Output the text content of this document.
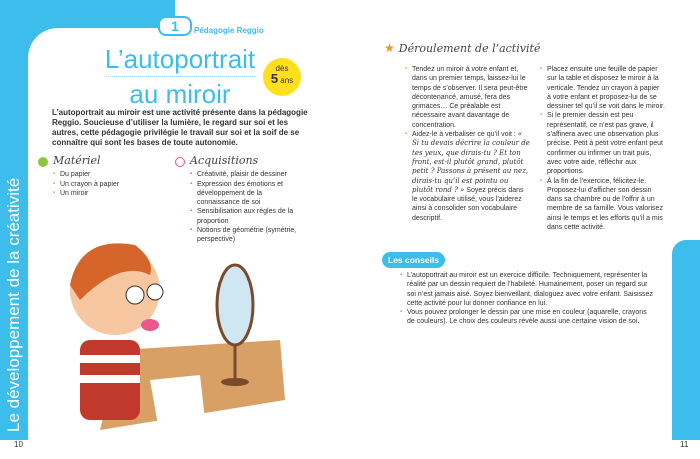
Le développement de la créativité
1	Pédagogie Reggio
L’autoportrait
au miroir
dès
5 ans

L’autoportrait au miroir est une activité présente dans la pédagogie Reggio. Soucieuse d’utiliser la lumière, le regard sur soi et les autres, cette pédagogie privilégie le travail sur soi et la soif de se connaître qui sont les bases de toute autonomie.

Matériel
▪ Du papier
▪ Un crayon à papier
▪ Un miroir
Acquisitions
▪ Créativité, plaisir de dessiner
▪ Expression des émotions et développement de la connaissance de soi
▪ Sensibilisation aux règles de la proportion
▪ Notions de géométrie (symétrie, perspective)
★ Déroulement de l’activité
▪ Tendez un miroir à votre enfant et, dans un premier temps, laissez-lui le temps de s’observer. Il sera peut-être décontenancé, amusé, fera des grimaces… Ce préalable est nécessaire avant davantage de concentration.
▪ Aidez-le à verbaliser ce qu’il voit : « Si tu devais décrire la couleur de tes yeux, que dirais-tu ? Et ton front, est-il plutôt grand, plutôt petit ? Passons à présent au nez, dirais-tu qu’il est pointu ou plutôt rond ? » Soyez précis dans le vocabulaire utilisé, vous l’aiderez ainsi à consolider son vocabulaire descriptif.
▪ Placez ensuite une feuille de papier sur la table et disposez le miroir à la verticale. Tendez un crayon à papier à votre enfant et proposez-lui de se dessiner tel qu’il se voit dans le miroir.
▪ Si le premier dessin est peu représentatif, ce n’est pas grave, il s’affinera avec une observation plus précise. Petit à petit votre enfant peut confirmer ou infirmer un trait puis, avec votre aide, réfléchir aux proportions.
▪ À la fin de l’exercice, félicitez-le. Proposez-lui d’afficher son dessin dans sa chambre ou de l’offrir à un membre de sa famille. Vous valorisez ainsi le temps et les efforts qu’il a mis dans cette activité.
Les conseils
▪ L’autoportrait au miroir est un exercice difficile. Techniquement, représenter la réalité par un dessin requiert de l’habileté. Humainement, poser un regard sur soi n’est jamais aisé. Soyez bienveillant, dialoguez avec votre enfant. Saisissez cette activité pour lui donner confiance en lui.
▪ Vous pouvez prolonger le dessin par une mise en couleur (aquarelle, crayons de couleurs). Le choix des couleurs révèle aussi une certaine vision de soi.
10	11
